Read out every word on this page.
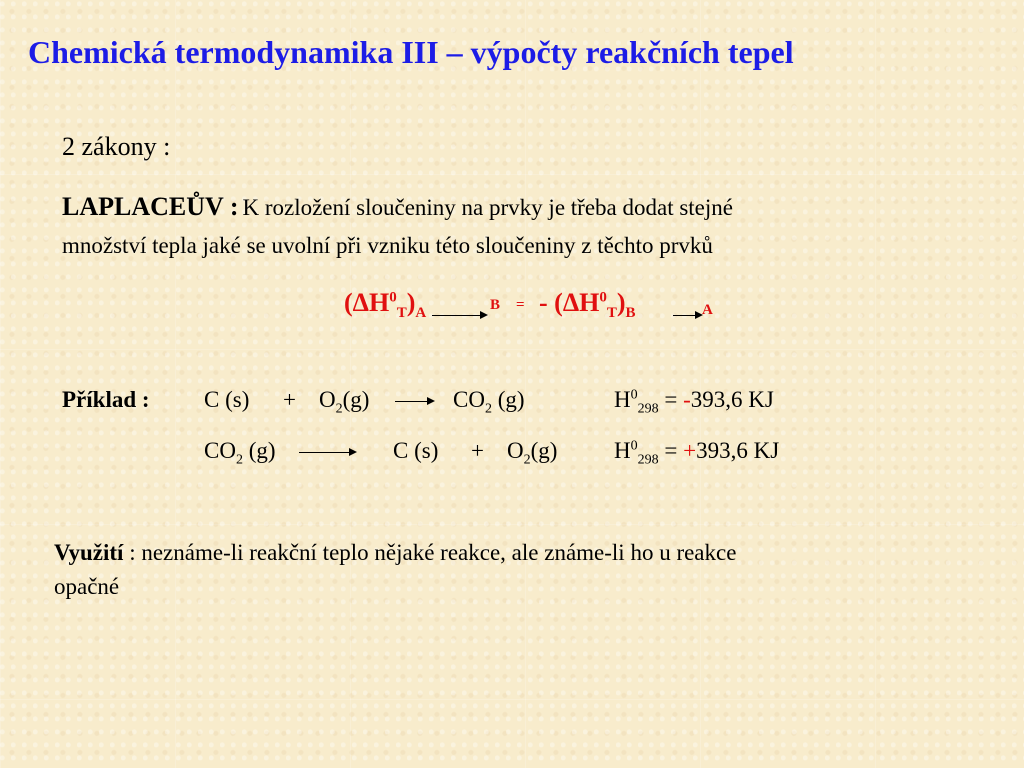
Chemická termodynamika III – výpočty reakčních tepel
2 zákony :
LAPLACEŮV : K rozložení sloučeniny na prvky je třeba dodat stejné
množství tepla jaké se uvolní při vzniku této sloučeniny z těchto prvků
$(\Delta H^0_T)_A$
B = - $(\Delta H^0_T)_B$	A
Příklad : C $(s) + O_2(g)$	$CO_2$ (g)	$H^0_{298} = -393,6$ KJ
$CO_2$ (g)	C $(s) + O_2(g) H^0_{298} = +393,6$ KJ
Využití : neznáme-li reakční teplo nějaké reakce, ale známe-li ho u reakce
opačné
